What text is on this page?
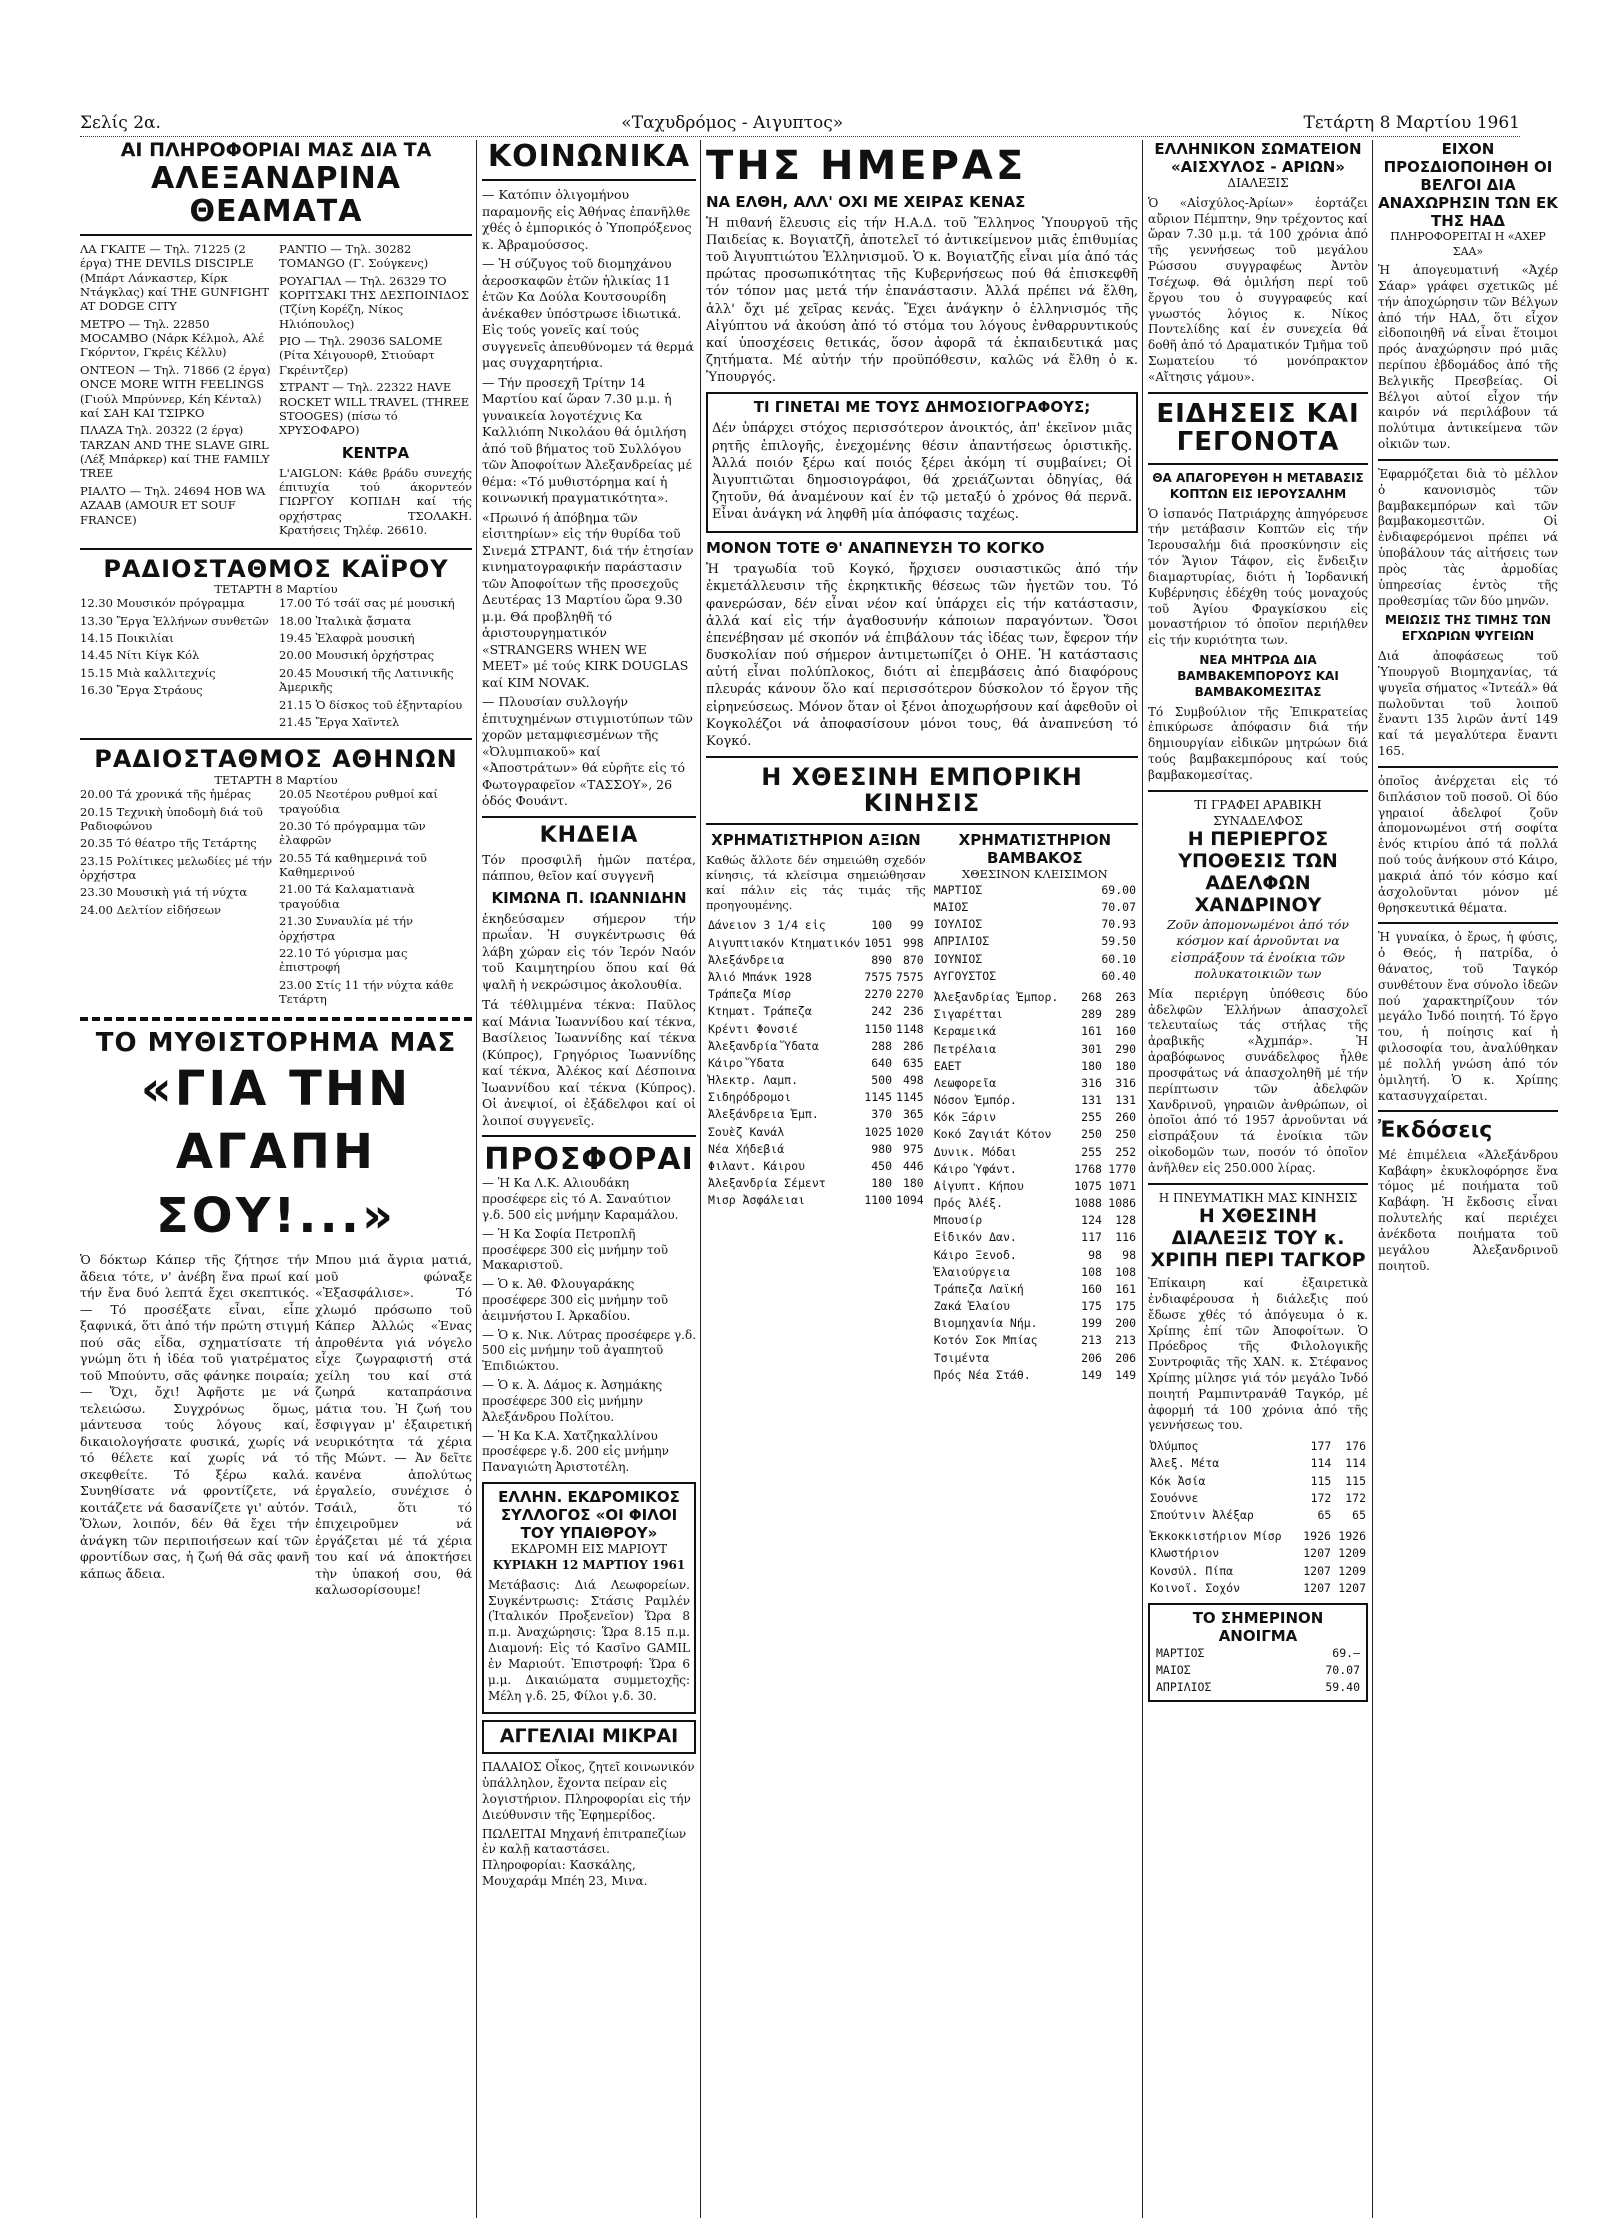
Σελίς 2α.	«Ταχυδρόμος - Αιγυπτος»	Τετάρτη 8 Μαρτίου 1961
ΑΙ ΠΛΗΡΟΦΟΡΙΑΙ ΜΑΣ ΔΙΑ ΤΑ
ΑΛΕΞΑΝΔΡΙΝΑ ΘΕΑΜΑΤΑ
ΛΑ ΓΚΑΙΤΕ — Τηλ. 71225 (2 έργα) THE DEVILS DISCIPLE (Μπάρτ Λάνκαστερ, Κίρκ Ντάγκλας) καί THE GUNFIGHT AT DODGE CITY
ΜΕΤΡΟ — Τηλ. 22850 MOCAMBO (Νάρκ Κέλμολ, Αλέ Γκόρντον, Γκρέις Κέλλυ)
ΟΝΤΕΟΝ — Τηλ. 71866 (2 έργα) ONCE MORE WITH FEELINGS (Γιούλ Μπρύννερ, Κέη Κένταλ) καί ΣΑΗ ΚΑΙ ΤΣΙΡΚΟ
ΠΛΑΖΑ Τηλ. 20322 (2 έργα) TARZAN AND THE SLAVE GIRL (Λέξ Μπάρκερ) καί THE FAMILY TREE
ΡΙΑΛΤΟ — Τηλ. 24694 HOB WA AZAAB (AMOUR ET SOUF FRANCE)
ΡΑΝΤΙΟ — Τηλ. 30282 TOMANGO (Γ. Σούγκενς)
ΡΟΥΑΓΙΑΛ — Τηλ. 26329 ΤΟ ΚΟΡΙΤΣΑΚΙ ΤΗΣ ΔΕΣΠΟΙΝΙΔΟΣ (Τζίνη Κορέζη, Νίκος Ηλιόπουλος)
ΡΙΟ — Τηλ. 29036 SALOME (Ρίτα Χέιγουορθ, Στιούαρτ Γκρέιντζερ)
ΣΤΡΑΝΤ — Τηλ. 22322 HAVE ROCKET WILL TRAVEL (THREE STOOGES) (πίσω τό ΧΡΥΣΟΦΑΡΟ)
ΚΕΝΤΡΑ

L'AIGLON: Κάθε βράδυ συνεχής έπιτυχία τού άκορντεόν ΓΙΩΡΓΟΥ ΚΟΠΙΔΗ καί τής ορχήστρας ΤΣΟΛΑΚΗ. Κρατήσεις Τηλέφ. 26610.

ΡΑΔΙΟΣΤΑΘΜΟΣ ΚΑΪΡΟΥ
ΤΕΤΑΡΤΗ 8 Μαρτίου
12.30 Μουσικόν πρόγραμμα
13.30 Ἔργα Ἑλλήνων συνθετῶν
14.15 Ποικιλίαι
14.45 Νίτι Κίγκ Κόλ
15.15 Μιὰ καλλιτεχνίς
16.30 Ἔργα Στράους
17.00 Τό τσάϊ σας μέ μουσική
18.00 Ἰταλικὰ ᾄσματα
19.45 Ἐλαφρὰ μουσική
20.00 Μουσική ὀρχήστρας
20.45 Μουσική τῆς Λατινικῆς Ἀμερικῆς
21.15 Ὁ δίσκος τοῦ ἐξηνταρίου
21.45 Ἔργα Χαϊντελ
ΡΑΔΙΟΣΤΑΘΜΟΣ ΑΘΗΝΩΝ
ΤΕΤΑΡΤΗ 8 Μαρτίου
20.00 Τά χρονικά τῆς ἡμέρας
20.15 Τεχνικὴ ὑποδομὴ διά τοῦ Ραδιοφώνου
20.35 Τό θέατρο τῆς Τετάρτης
23.15 Ρολίτικες μελωδίες μέ τήν ὀρχήστρα
23.30 Μουσικὴ γιά τή νύχτα
24.00 Δελτίον εἰδήσεων
20.05 Νεοτέρου ρυθμοί καί τραγούδια
20.30 Τό πρόγραμμα τῶν ἐλαφρῶν
20.55 Τά καθημερινά τοῦ Καθημερινού
21.00 Τά Καλαματιανὰ τραγούδια
21.30 Συναυλία μέ τήν ὀρχήστρα
22.10 Τό γύρισμα μας ἐπιστροφή
23.00 Στίς 11 τήν νύχτα κάθε Τετάρτη
ΤΟ ΜΥΘΙΣΤΟΡΗΜΑ ΜΑΣ
«ΓΙΑ ΤΗΝ ΑΓΑΠΗ ΣΟΥ!...»

Ὁ δόκτωρ Κάπερ τῆς ζήτησε τήν ἄδεια τότε, ν' ἀνέβη ἕνα πρωί καί τήν ἔνα δυό λεπτά ἔχει σκεπτικός. — Τό προσέξατε εἶναι, εἶπε ξαφνικά, ὅτι ἀπό τήν πρώτη στιγμή πού σᾶς εἶδα, σχηματίσατε τή γνώμη ὅτι ἡ ἰδέα τοῦ γιατρέματος τοῦ Μπούντυ, σᾶς φάνηκε ποιραία; — Ὄχι, ὄχι! Ἀφῆστε με νά τελειώσω. Συγχρόνως ὅμως, μάντευσα τούς λόγους καί, δικαιολογήσατε φυσικά, χωρίς νά τό θέλετε καί χωρίς νά τό σκεφθείτε. Τό ξέρω καλά. Συνηθίσατε νά φροντίζετε, νά κοιτάζετε νά δασανίζετε γι' αὐτόν. Ὅλων, λοιπόν, δέν θά ἔχει τήν ἀνάγκη τῶν περιποιήσεων καί τῶν φροντίδων σας, ἡ ζωή θά σᾶς φανῆ κάπως ἄδεια.

Μπου μιά ἄγρια ματιά, μοῦ φώναξε «Ἐξασφάλισε». Τό χλωμό πρόσωπο τοῦ Κάπερ Ἀλλώς «Ἐνας ἀπροθέντα γιά νόγελο εἶχε ζωγραφιστή στά χείλη του καί στά ζωηρά καταπράσινα μάτια του. Ἡ ζωή του ἔσφιγγαν μ' ἐξαιρετική νευρικότητα τά χέρια τῆς Μώντ. — Ἀν δεῖτε κανένα ἀπολύτως ἐργαλείο, συνέχισε ὁ Τσάιλ, ὅτι τό ἐπιχειροῦμεν νά ἐργάζεται μέ τά χέρια του καί νά ἀποκτήσει τὴν ὑπακοή σου, θά καλωσορίσουμε!

ΚΟΙΝΩΝΙΚΑ
— Κατόπιν ὀλιγομήνου παραμονῆς εἰς Ἀθήνας ἐπανῆλθε χθές ὁ ἐμπορικός ὁ Ὑποπρόξενος κ. Ἀβραμούσσος.
— Ἡ σύζυγος τοῦ διομηχάνου ἀεροσκαφῶν ἑτῶν ἡλικίας 11 ἐτῶν Κα Δούλα Κουτσουρίδη ἀνέκαθεν ὑπόστρωσε ἰδιωτικά. Εἰς τούς γονεῖς καί τούς συγγενεῖς ἀπευθύνομεν τά θερμά μας συγχαρητήρια.
— Τήν προσεχῆ Τρίτην 14 Μαρτίου καί ὥραν 7.30 μ.μ. ἡ γυναικεία λογοτέχνις Κα Καλλιόπη Νικολάου θά ὁμιλήση ἀπό τοῦ βήματος τοῦ Συλλόγου τῶν Ἀποφοίτων Ἀλεξανδρείας μέ θέμα: «Τό μυθιστόρημα καί ἡ κοινωνική πραγματικότητα».
«Πρωινό ή ἀπόβημα τῶν εἰσιτηρίων» εἰς τήν θυρίδα τοῦ Σινεμά ΣΤΡΑΝΤ, διά τήν ἐτησίαν κινηματογραφικήν παράστασιν τῶν Ἀποφοίτων τῆς προσεχοῦς Δευτέρας 13 Μαρτίου ὥρα 9.30 μ.μ. Θά προβληθῆ τό ἀριστουργηματικόν «STRANGERS WHEN WE MEET» μέ τούς KIRK DOUGLAS καί KIM NOVAK.
— Πλουσίαν συλλογήν ἐπιτυχημένων στιγμιοτύπων τῶν χορῶν μεταμφιεσμένων τῆς «Ὀλυμπιακοῦ» καί «Ἀποστράτων» θά εὑρῆτε εἰς τό Φωτογραφεῖον «ΤΑΣΣΟΥ», 26 ὁδός Φουάντ.
ΚΗΔΕΙΑ

Τόν προσφιλῆ ἡμῶν πατέρα, πάππου, θεῖον καί συγγενῆ

ΚΙΜΩΝΑ Π. ΙΩΑΝΝΙΔΗΝ

ἐκηδεύσαμεν σήμερον τήν πρωΐαν. Ἡ συγκέντρωσις θά λάβη χώραν εἰς τόν Ἱερόν Ναόν τοῦ Καιμητηρίου ὅπου καί θά ψαλῆ ἡ νεκρώσιμος ἀκολουθία.

Τά τέθλιμμένα τέκνα: Παῦλος καί Μάνια Ἰωαννίδου καί τέκνα, Βασίλειος Ἰωαννίδης καί τέκνα (Κύπρος), Γρηγόριος Ἰωαννίδης καί τέκνα, Ἀλέκος καί Δέσποινα Ἰωαννίδου καί τέκνα (Κύπρος). Οἱ ἀνεψιοί, οἱ ἐξάδελφοι καί οἱ λοιποί συγγενεῖς.

ΠΡΟΣΦΟΡΑΙ
— Ἡ Κα Λ.Κ. Αλιουδάκη προσέφερε εἰς τό Α. Σαναύτιον γ.δ. 500 εἰς μνήμην Καραμάλου.
— Ἡ Κα Σοφία Πετροπλῆ προσέφερε 300 εἰς μνήμην τοῦ Μακαριστοῦ.
— Ὁ κ. Ἀθ. Φλουγαράκης προσέφερε 300 εἰς μνήμην τοῦ ἀειμνήστου Ι. Ἀρκαδίου.
— Ὁ κ. Νικ. Λύτρας προσέφερε γ.δ. 500 εἰς μνήμην τοῦ ἀγαπητοῦ Ἐπιδιώκτου.
— Ὁ κ. Ἀ. Δάμος κ. Ἀσημάκης προσέφερε 300 εἰς μνήμην Ἀλεξάνδρου Πολίτου.
— Ἡ Κα Κ.Α. Χατζηκαλλίνου προσέφερε γ.δ. 200 εἰς μνήμην Παναγιώτη Ἀριστοτέλη.
ΕΛΛΗΝ. ΕΚΔΡΟΜΙΚΟΣ ΣΥΛΛΟΓΟΣ «ΟΙ ΦΙΛΟΙ ΤΟΥ ΥΠΑΙΘΡΟΥ»
ΕΚΔΡΟΜΗ ΕΙΣ ΜΑΡΙΟΥΤ
ΚΥΡΙΑΚΗ 12 ΜΑΡΤΙΟΥ 1961

Μετάβασις: Διά Λεωφορείων. Συγκέντρωσις: Στάσις Ραμλέν (Ἰταλικόν Προξενεῖον) Ὥρα 8 π.μ. Ἀναχώρησις: Ὥρα 8.15 π.μ. Διαμονή: Εἰς τό Κασῖνο GAMIL ἐν Μαριούτ. Ἐπιστροφή: Ὥρα 6 μ.μ. Δικαιώματα συμμετοχῆς: Μέλη γ.δ. 25, Φίλοι γ.δ. 30.

ΑΓΓΕΛΙΑΙ ΜΙΚΡΑΙ
ΠΑΛΑΙΟΣ Οἶκος, ζητεῖ κοινωνικόν ὑπάλληλον, ἔχοντα πείραν εἰς λογιστήριον. Πληροφορίαι εἰς τήν Διεύθυνσιν τῆς Ἐφημερίδος.
ΠΩΛΕΙΤΑΙ Μηχανή ἐπιτραπεζίων ἐν καλῇ καταστάσει. Πληροφορίαι: Κασκάλης, Μουχαράμ Μπέη 23, Μινα.
ΤΗΣ ΗΜΕΡΑΣ
ΝΑ ΕΛΘΗ, ΑΛΛ' ΟΧΙ ΜΕ ΧΕΙΡΑΣ ΚΕΝΑΣ

Ἡ πιθανή ἔλευσις εἰς τήν Η.Α.Δ. τοῦ Ἕλληνος Ὑπουργοῦ τῆς Παιδείας κ. Βογιατζῆ, ἀποτελεῖ τό ἀντικείμενον μιᾶς ἐπιθυμίας τοῦ Ἀιγυπτιώτου Ἑλληνισμοῦ. Ὁ κ. Βογιατζῆς εἶναι μία ἀπό τάς πρώτας προσωπικότητας τῆς Κυβερνήσεως πού θά ἐπισκεφθῆ τόν τόπον μας μετά τήν ἐπανάστασιν. Ἀλλά πρέπει νά ἔλθη, ἀλλ' ὄχι μέ χεῖρας κενάς. Ἔχει ἀνάγκην ὁ ἑλληνισμός τῆς Αἰγύπτου νά ἀκούση ἀπό τό στόμα του λόγους ἐνθαρρυντικούς καί ὑποσχέσεις θετικάς, ὅσον ἀφορᾶ τά ἐκπαιδευτικά μας ζητήματα. Μέ αὐτήν τήν προϋπόθεσιν, καλῶς νά ἔλθη ὁ κ. Ὑπουργός.

ΤΙ ΓΙΝΕΤΑΙ ΜΕ ΤΟΥΣ ΔΗΜΟΣΙΟΓΡΑΦΟΥΣ;

Δέν ὑπάρχει στόχος περισσότερον ἀνοικτός, ἀπ' ἐκεῖνον μιᾶς ρητῆς ἐπιλογῆς, ἐνεχομένης θέσιν ἀπαντήσεως ὁριστικῆς. Ἀλλά ποιόν ξέρω καί ποιός ξέρει ἀκόμη τί συμβαίνει; Οἱ Ἀιγυπτιῶται δημοσιογράφοι, θά χρειάζωνται ὁδηγίας, θά ζητοῦν, θά ἀναμένουν καί ἐν τῷ μεταξύ ὁ χρόνος θά περνᾶ. Εἶναι ἀνάγκη νά ληφθῆ μία ἀπόφασις ταχέως.

ΜΟΝΟΝ ΤΟΤΕ Θ' ΑΝΑΠΝΕΥΣΗ ΤΟ ΚΟΓΚΟ

Ἡ τραγωδία τοῦ Κογκό, ἤρχισεν ουσιαστικῶς ἀπό τήν ἐκμετάλλευσιν τῆς ἐκρηκτικῆς θέσεως τῶν ἠγετῶν του. Τό φανερώσαν, δέν εἶναι νέον καί ὑπάρχει εἰς τήν κατάστασιν, ἀλλά καί εἰς τήν ἀγαθοσυνήν κάποιων παραγόντων. Ὅσοι ἐπενέβησαν μέ σκοπόν νά ἐπιβάλουν τάς ἰδέας των, ἔφερον τήν δυσκολίαν πού σήμερον ἀντιμετωπίζει ὁ ΟΗΕ. Ἡ κατάστασις αὐτή εἶναι πολύπλοκος, διότι αἱ ἐπεμβάσεις ἀπό διαφόρους πλευράς κάνουν ὅλο καί περισσότερον δύσκολον τό ἔργον τῆς εἰρηνεύσεως. Μόνον ὅταν οἱ ξένοι ἀποχωρήσουν καί ἀφεθοῦν οἱ Κογκολέζοι νά ἀποφασίσουν μόνοι τους, θά ἀναπνεύση τό Κογκό.

Η ΧΘΕΣΙΝΗ ΕΜΠΟΡΙΚΗ ΚΙΝΗΣΙΣ
ΧΡΗΜΑΤΙΣΤΗΡΙΟΝ ΑΞΙΩΝ

Καθώς ἄλλοτε δέν σημειώθη σχεδόν κίνησις, τά κλείσιμα σημειώθησαν καί πάλιν εἰς τάς τιμάς τῆς προηγουμένης.

Δάνειον 3 1/4 εἰς	100	99
Αιγυπτιακόν Κτηματικόν	1051	998
Ἀλεξάνδρεια	890	870
Ἀλιό Μπάνκ 1928	7575	7575
Τράπεζα Μίσρ	2270	2270
Κτηματ. Τράπεζα	242	236
Κρέντι Φονσιέ	1150	1148
Ἀλεξανδρία Ὕδατα	288	286
Κάιρο Ὕδατα	640	635
Ἡλεκτρ. Λαμπ.	500	498
Σιδηρόδρομοι	1145	1145
Ἀλεξάνδρεια Ἐμπ.	370	365
Σουὲζ Κανάλ	1025	1020
Νέα Χήδεβιά	980	975
Φιλαντ. Κάιρου	450	446
Ἀλεξανδρία Σέμεντ	180	180
Μισρ Ἀσφάλειαι	1100	1094
ΧΡΗΜΑΤΙΣΤΗΡΙΟΝ ΒΑΜΒΑΚΟΣ
ΧΘΕΣΙΝΟΝ ΚΛΕΙΣΙΜΟΝ
ΜΑΡΤΙΟΣ	69.00
ΜΑΙΟΣ	70.07
ΙΟΥΛΙΟΣ	70.93
ΑΠΡΙΛΙΟΣ	59.50
ΙΟΥΝΙΟΣ	60.10
ΑΥΓΟΥΣΤΟΣ	60.40
Ἀλεξανδρίας Ἐμπορ.	268	263
Σιγαρέτται	289	289
Κεραμεικά	161	160
Πετρέλαια	301	290
ΕΑΕΤ	180	180
Λεωφορεῖα	316	316
Νόσον Ἐμπόρ.	131	131
Κόκ Ξάριν	255	260
Κοκό Ζαγιάτ Κότον	250	250
Δυνικ. Μόδαι	255	252
Κάιρο Ὑφάντ.	1768	1770
Αἰγυπτ. Κήπου	1075	1071
Πρός Ἀλέξ.	1088	1086
Μπουσίρ	124	128
Εἰδικόν Δαν.	117	116
Κάιρο Ξενοδ.	98	98
Ἐλαιούργεια	108	108
Τράπεζα Λαϊκή	160	161
Ζακά Ἐλαίου	175	175
Βιομηχανία Νήμ.	199	200
Κοτόν Σοκ Μπίας	213	213
Τσιμέντα	206	206
Πρός Νέα Στάθ.	149	149
ΕΛΛΗΝΙΚΟΝ ΣΩΜΑΤΕΙΟΝ «ΑΙΣΧΥΛΟΣ - ΑΡΙΩΝ»
ΔΙΑΛΕΞΙΣ

Ὁ «Αἰσχύλος-Ἀρίων» ἑορτάζει αὔριον Πέμπτην, 9ην τρέχοντος καί ὥραν 7.30 μ.μ. τά 100 χρόνια ἀπό τῆς γεννήσεως τοῦ μεγάλου Ρώσσου συγγραφέως Ἀντὸν Τσέχωφ. Θά ὁμιλήση περί τοῦ ἔργου του ὁ συγγραφεύς καί γνωστός λόγιος κ. Νίκος Ποντελίδης καί ἐν συνεχεία θά δοθῆ ἀπό τό Δραματικόν Τμῆμα τοῦ Σωματείου τό μονόπρακτον «Αἴτησις γάμου».

ΕΙΔΗΣΕΙΣ ΚΑΙ ΓΕΓΟΝΟΤΑ
ΘΑ ΑΠΑΓΟΡΕΥΘΗ Η ΜΕΤΑΒΑΣΙΣ ΚΟΠΤΩΝ ΕΙΣ ΙΕΡΟΥΣΑΛΗΜ

Ὁ ἰσπανός Πατριάρχης ἀπηγόρευσε τήν μετάβασιν Κοπτῶν εἰς τήν Ἱερουσαλήμ διά προσκύνησιν εἰς τόν Ἅγιον Τάφον, εἰς ἔνδειξιν διαμαρτυρίας, διότι ἡ Ἰορδανική Κυβέρνησις ἐδέχθη τούς μοναχούς τοῦ Ἁγίου Φραγκίσκου εἰς μοναστήριον τό ὁποῖον περιήλθεν εἰς τήν κυριότητα των.

ΝΕΑ ΜΗΤΡΩΑ ΔΙΑ ΒΑΜΒΑΚΕΜΠΟΡΟΥΣ ΚΑΙ ΒΑΜΒΑΚΟΜΕΣΙΤΑΣ

Τό Συμβούλιον τῆς Ἐπικρατείας ἐπικύρωσε ἀπόφασιν διά τήν δημιουργίαν εἰδικῶν μητρώων διά τούς βαμβακεμπόρους καί τούς βαμβακομεσίτας.

ΤΙ ΓΡΑΦΕΙ ΑΡΑΒΙΚΗ ΣΥΝΑΔΕΛΦΟΣ
Η ΠΕΡΙΕΡΓΟΣ ΥΠΟΘΕΣΙΣ ΤΩΝ ΑΔΕΛΦΩΝ ΧΑΝΔΡΙΝΟΥ
Ζοῦν ἀπομονωμένοι ἀπό τόν κόσμον καί ἀρνοῦνται να εἰσπράξουν τά ἐνοίκια τῶν πολυκατοικιῶν των

Μία περιέργη ὑπόθεσις δύο ἀδελφῶν Ἑλλήνων ἀπασχολεῖ τελευταίως τάς στήλας τῆς ἀραβικῆς «Ἀχμπάρ». Ἡ ἀραβόφωνος συνάδελφος ἦλθε προσφάτως νά ἀπασχοληθῆ μέ τήν περίπτωσιν τῶν ἀδελφῶν Χανδρινοῦ, γηραιῶν ἀνθρώπων, οἱ ὁποῖοι ἀπό τό 1957 ἀρνοῦνται νά εἰσπράξουν τά ἐνοίκια τῶν οἰκοδομῶν των, ποσόν τό ὁποῖον ἀνῆλθεν εἰς 250.000 λίρας.

Η ΠΝΕΥΜΑΤΙΚΗ ΜΑΣ ΚΙΝΗΣΙΣ
Η ΧΘΕΣΙΝΗ ΔΙΑΛΕΞΙΣ ΤΟΥ κ. ΧΡΙΠΗ ΠΕΡΙ ΤΑΓΚΟΡ

Ἐπίκαιρη καί ἐξαιρετικὰ ἐνδιαφέρουσα ἡ διάλεξις πού ἔδωσε χθές τό ἀπόγευμα ὁ κ. Χρίπης ἐπί τῶν Ἀποφοίτων. Ὁ Πρόεδρος τῆς Φιλολογικῆς Συντροφιᾶς τῆς ΧΑΝ. κ. Στέφανος Χρίπης μίλησε γιά τόν μεγάλο Ἰνδό ποιητή Ραμπιντρανάθ Ταγκόρ, μέ ἀφορμή τά 100 χρόνια ἀπό τῆς γεννήσεως του.

Ὀλύμπος	177	176
Ἀλεξ. Μέτα	114	114
Κόκ Ἀσία	115	115
Σουόννε	172	172
Σπούτνιν Ἀλέξαρ	65	65
Ἐκκοκκιστήριον Μίσρ	1926	1926
Κλωστήριον	1207	1209
Κονσύλ. Πίπα	1207	1209
Κοινοῖ. Σοχόν	1207	1207
ΤΟ ΣΗΜΕΡΙΝΟΝ ΑΝΟΙΓΜΑ
ΜΑΡΤΙΟΣ	69.—
ΜΑΙΟΣ	70.07
ΑΠΡΙΛΙΟΣ	59.40
ΕΙΧΟΝ ΠΡΟΣΔΙΟΠΟΙΗΘΗ ΟΙ ΒΕΛΓΟΙ ΔΙΑ ΑΝΑΧΩΡΗΣΙΝ ΤΩΝ ΕΚ ΤΗΣ ΗΑΔ
ΠΛΗΡΟΦΟΡΕΙΤΑΙ Η «ΑΧΕΡ ΣΑΑ»

Ἡ ἀπογευματινή «Ἀχέρ Σάαρ» γράφει σχετικῶς μέ τήν ἀποχώρησιν τῶν Βέλγων ἀπό τήν ΗΑΔ, ὅτι εἶχον εἰδοποιηθῆ νά εἶναι ἕτοιμοι πρός ἀναχώρησιν πρό μιᾶς περίπου ἐβδομάδος ἀπό τῆς Βελγικῆς Πρεσβείας. Οἱ Βέλγοι αὐτοί εἶχον τήν καιρόν νά περιλάβουν τά πολύτιμα ἀντικείμενα τῶν οἰκιῶν των.

Ἐφαρμόζεται διὰ τὸ μέλλον ὁ κανονισμὸς τῶν βαμβακεμπόρων καὶ τῶν βαμβακομεσιτῶν. Οἱ ἐνδιαφερόμενοι πρέπει νά ὑποβάλουν τάς αἰτήσεις των πρὸς τὰς ἀρμοδίας ὑπηρεσίας ἐντὸς τῆς προθεσμίας τῶν δύο μηνῶν.

ΜΕΙΩΣΙΣ ΤΗΣ ΤΙΜΗΣ ΤΩΝ ΕΓΧΩΡΙΩΝ ΨΥΓΕΙΩΝ

Διά ἀποφάσεως τοῦ Ὑπουργοῦ Βιομηχανίας, τά ψυγεῖα σήματος «Ἰντεάλ» θά πωλοῦνται τοῦ λοιποῦ ἔναντι 135 λιρῶν ἀντί 149 καί τά μεγαλύτερα ἔναντι 165.

ὁποῖος ἀνέρχεται εἰς τό διπλάσιον τοῦ ποσοῦ. Οἱ δύο γηραιοί ἀδελφοί ζοῦν ἀπομονωμένοι στή σοφίτα ἑνός κτιρίου ἀπό τά πολλά πού τούς ἀνήκουν στό Κάιρο, μακριά ἀπό τόν κόσμο καί ἀσχολοῦνται μόνον μέ θρησκευτικά θέματα.

Ἡ γυναίκα, ὁ ἔρως, ἡ φύσις, ὁ Θεός, ἡ πατρίδα, ὁ θάνατος, τοῦ Ταγκόρ συνθέτουν ἕνα σύνολο ἰδεῶν πού χαρακτηρίζουν τόν μεγάλο Ἰνδό ποιητή. Τό ἔργο του, ἡ ποίησις καί ἡ φιλοσοφία του, ἀναλύθηκαν μέ πολλή γνώση ἀπό τόν ὁμιλητή. Ὁ κ. Χρίπης κατασυγχαίρεται.

Ἐκδόσεις

Μέ ἐπιμέλεια «Ἀλεξάνδρου Καβάφη» ἐκυκλοφόρησε ἕνα τόμος μέ ποιήματα τοῦ Καβάφη. Ἡ ἔκδοσις εἶναι πολυτελής καί περιέχει ἀνέκδοτα ποιήματα τοῦ μεγάλου Ἀλεξανδρινοῦ ποιητοῦ.
